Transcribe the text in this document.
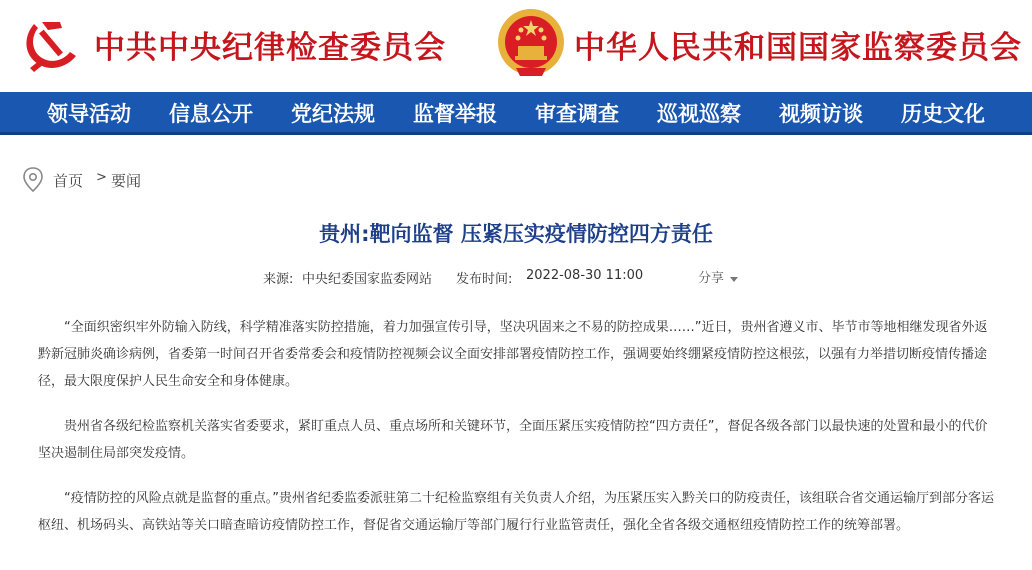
中共中央纪律检查委员会	中华人民共和国国家监察委员会
领导活动 信息公开 党纪法规 监督举报 审查调查 巡视巡察 视频访谈 历史文化
首页 > 要闻
贵州:靶向监督 压紧压实疫情防控四方责任
来源: 中央纪委国家监委网站 发布时间: 2022-08-30 11:00	分享

“全面织密织牢外防输入防线，科学精准落实防控措施，着力加强宣传引导，坚决巩固来之不易的防控成果……”近日，贵州省遵义市、毕节市等地相继发现省外返黔新冠肺炎确诊病例，省委第一时间召开省委常委会和疫情防控视频会议全面安排部署疫情防控工作，强调要始终绷紧疫情防控这根弦，以强有力举措切断疫情传播途径，最大限度保护人民生命安全和身体健康。

贵州省各级纪检监察机关落实省委要求，紧盯重点人员、重点场所和关键环节，全面压紧压实疫情防控“四方责任”，督促各级各部门以最快速的处置和最小的代价坚决遏制住局部突发疫情。

“疫情防控的风险点就是监督的重点。”贵州省纪委监委派驻第二十纪检监察组有关负责人介绍，为压紧压实入黔关口的防疫责任，该组联合省交通运输厅到部分客运枢纽、机场码头、高铁站等关口暗查暗访疫情防控工作，督促省交通运输厅等部门履行行业监管责任，强化全省各级交通枢纽疫情防控工作的统筹部署。
